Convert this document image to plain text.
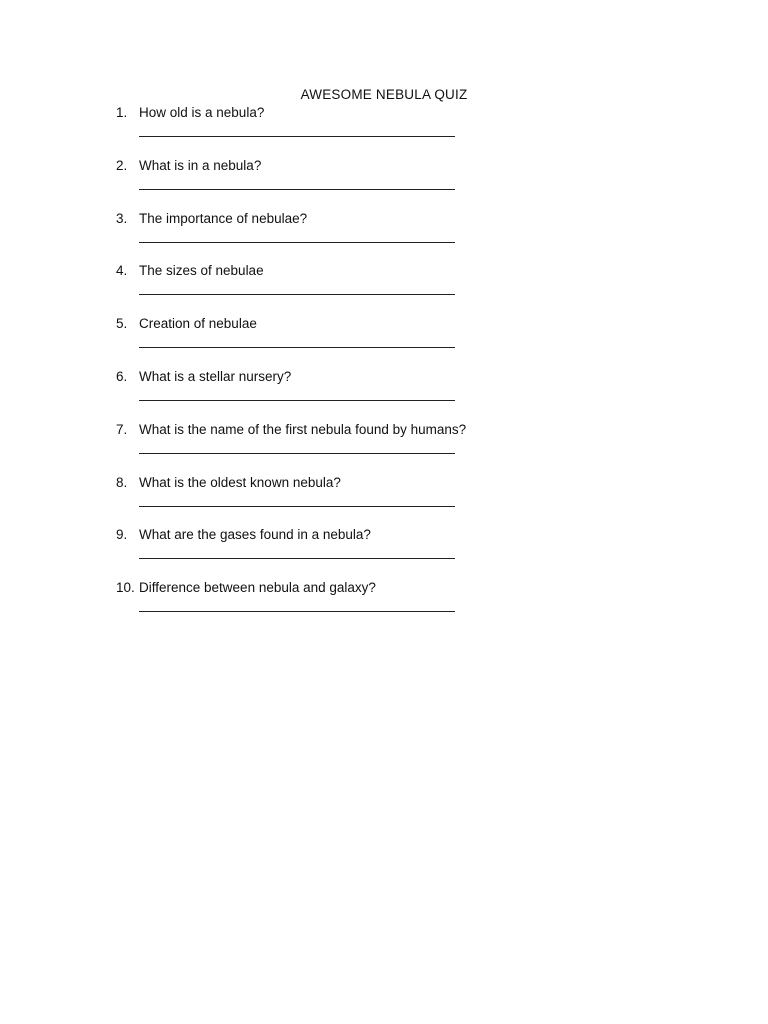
AWESOME NEBULA QUIZ
1. How old is a nebula?
2. What is in a nebula?
3. The importance of nebulae?
4. The sizes of nebulae
5. Creation of nebulae
6. What is a stellar nursery?
7. What is the name of the first nebula found by humans?
8. What is the oldest known nebula?
9. What are the gases found in a nebula?
10. Difference between nebula and galaxy?
